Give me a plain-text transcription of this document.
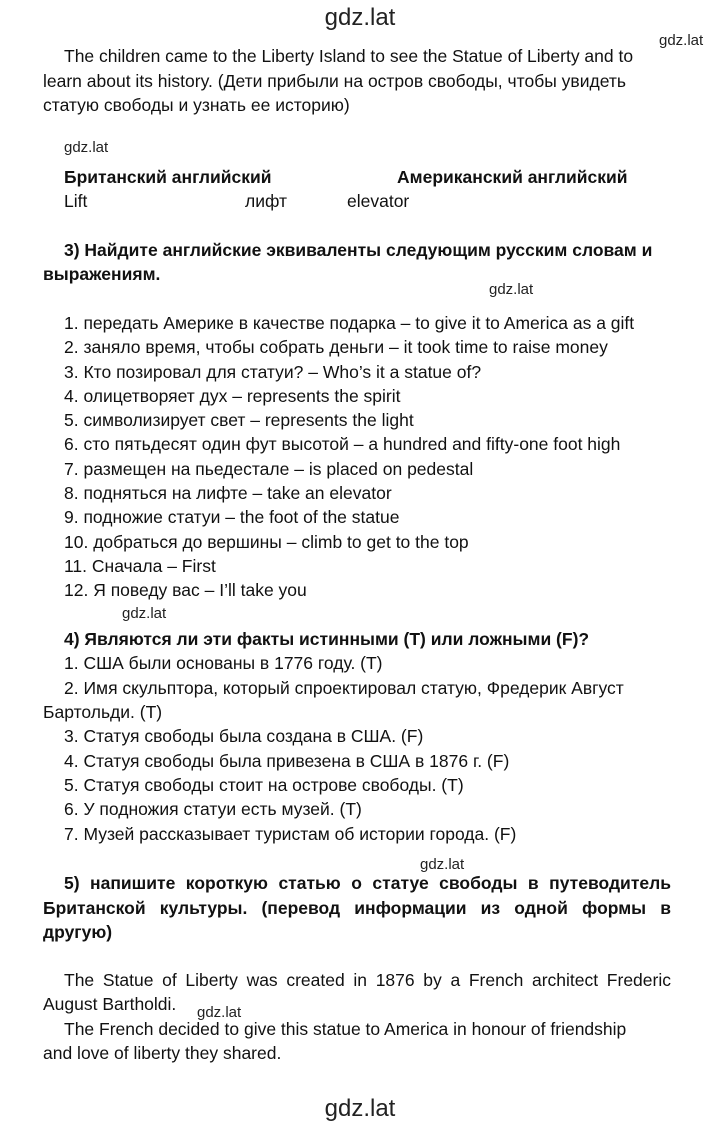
gdz.lat
gdz.lat
gdz.lat
gdz.lat
gdz.lat
gdz.lat
gdz.lat
gdz.lat
The children came to the Liberty Island to see the Statue of Liberty and to
learn about its history. (Дети прибыли на остров свободы, чтобы увидеть
статую свободы и узнать ее историю)
Британский английский	Американский английский
Lift	лифт	elevator
3) Найдите английские эквиваленты следующим русским словам и
выражениям.
1. передать Америке в качестве подарка – to give it to America as a gift
2. заняло время, чтобы собрать деньги – it took time to raise money
3. Кто позировал для статуи? – Who’s it a statue of?
4. олицетворяет дух – represents the spirit
5. символизирует свет – represents the light
6. сто пятьдесят один фут высотой – a hundred and fifty-one foot high
7. размещен на пьедестале – is placed on pedestal
8. подняться на лифте – take an elevator
9. подножие статуи – the foot of the statue
10. добраться до вершины – climb to get to the top
11. Сначала – First
12. Я поведу вас – I’ll take you
4) Являются ли эти факты истинными (T) или ложными (F)?
1. США были основаны в 1776 году. (T)
2. Имя скульптора, который спроектировал статую, Фредерик Август
Бартольди. (T)
3. Статуя свободы была создана в США. (F)
4. Статуя свободы была привезена в США в 1876 г. (F)
5. Статуя свободы стоит на острове свободы. (T)
6. У подножия статуи есть музей. (T)
7. Музей рассказывает туристам об истории города. (F)
5) напишите короткую статью о статуе свободы в путеводитель
Британской культуры. (перевод информации из одной формы в
другую)
The Statue of Liberty was created in 1876 by a French architect Frederic
August Bartholdi.
The French decided to give this statue to America in honour of friendship
and love of liberty they shared.
